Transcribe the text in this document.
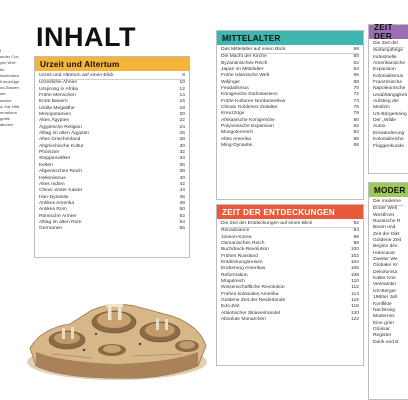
INHALT
t
ander Cos
yen Welt
ler
lnselvolkra
Kreuzzüge
na-Slawen
der
nische
a, Kar Hitik
ernationa
grafie
ationen
Urzeit und Altertum
Urzeit und Altertum auf einen Blick	8
Urzeitliche Ahnen	10
Ursprung in Afrika	12
Frühe Menschen	14
Erste Bauern	16
Uralte Megalithe	18
Mesopotamien	20
Altes Ägypten	22
Ägyptische Religion	24
Alltag im alten Ägypten	26
Altes Griechenland	28
Altgriechische Kultur	30
Phönizier	32
Steppenvölker	34
Kelten	36
Altpersisches Reich	38
Hellenismus	40
Altes Indien	42
China: erster Kaiser	44
Han-Dynastie	46
Antikes Amerika	48
Antikes Rom	50
Römische Armee	52
Alltag im alten Rom	54
Germanen	56
MITTELALTER
Das Mittelalter auf einen Blick	58
Die Macht der Kirche	60
Byzantinisches Reich	62
Japan im Mittelalter	64
Frühe islamische Welt	66
Wikinger	68
Feudalismus	70
Königreiche Südostasiens	72
Frühe Kulturen Nordamerikas	74
Chinas Goldenes Zeitalter	76
Kreuzzüge	78
Afrikanische Königreiche	80
Polynesische Expansion	82
Mongolenreich	84
Altes Amerika	86
Ming-Dynastie	88
ZEIT DER ENTDECKUNGEN
Die Zeit der Entdeckungen auf einen Blick	92
Renaissance	94
Joseon-Korea	96
Osmanisches Reich	98
Buchdruck-Revolution	100
Frühes Russland	102
Entdeckungsreisen	104
Eroberung Amerikas	106
Reformation	108
Mogulreich	110
Wissenschaftliche Revolution	112
Frühes koloniales Amerika	114
Goldene Zeit der Niederlande	116
Edo-Zeit	118
Atlantischer Sklavenhandel	120
Absolute Monarchen	122
ZEIT DER
Die Zeit der
Siebenjährige
Industrielle
Amerikanische
Expansion
Kolonialismus
Französische
Napoleonische
Unabhängigkeit
Aufstieg der
Medizin
US-Bürgerkrieg
Der „Wilde
Autos
Einwanderung
Kolonialreiche
Flaggenkunde
MODER
Die moderne
Erster Welt
Westfront
Russische R
Boom und
Zeit der Dikt
Goldene Zeit
Beginn des
Holocaust
Zweiter We
Globaler Kr
Dekolonisa
Kalter Krie
Vietnamkri
US-Bürger
1960er Jah
Konflikte
Nachkrieg
Modernes
Eine grün
Glossar
Register
Dank und B
